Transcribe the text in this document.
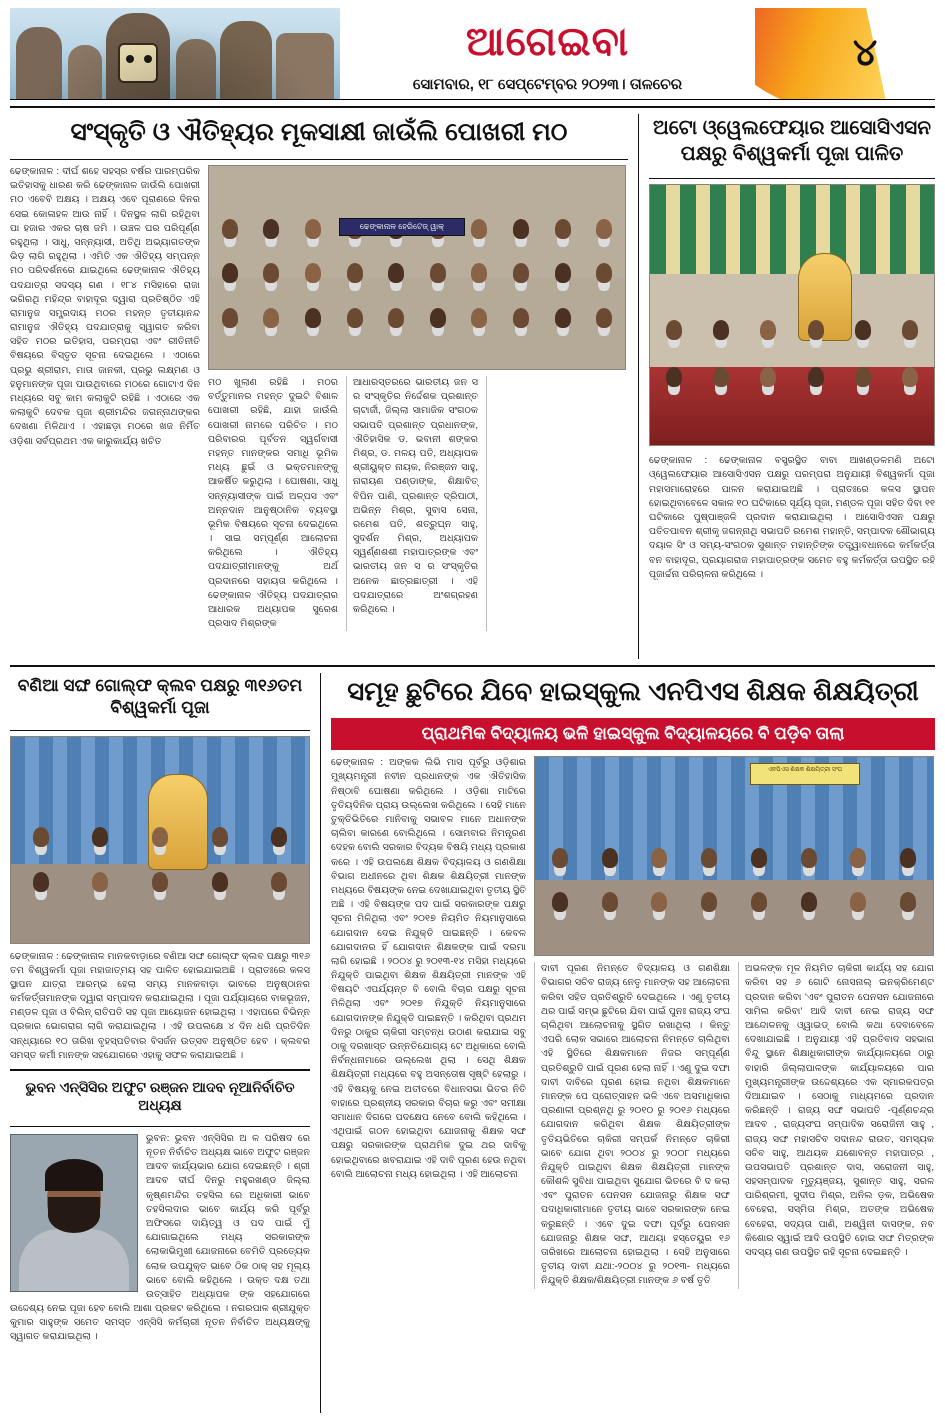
ଆଗେଇବା
ସୋମବାର, ୧୮ ସେପ୍ଟେମ୍ବର ୨୦୨୩। ତାଳଚେର
୪
ସଂସ୍କୃତି ଓ ଐତିହ୍ୟର ମୂକସାକ୍ଷୀ ଜାଉଁଲି ପୋଖରୀ ମଠ
ଢେଙ୍କାନାଳ : ଦୀର୍ଘ ଶହେ ସହସ୍ର ବର୍ଷର ପାରମ୍ପରିକ ଇତିହାସକୁ ଧାରଣ କରି ଢେଙ୍କାନାଳ ଜାଉଁଲି ପୋଖରୀ ମଠ ଏବେବି ଅକ୍ଷୟ । ଅକ୍ଷୟ ଏବେ ପୂରାଣରେ ଦିନର ସେଇ କୋଳାହଳ ଆଉ ନାହିଁ । ଦିନସ୍ଥଳ ଲାଗି ରହିଥିବା ପା ହଜାର ଏକର ଚାଷ ଜମି । ଉଞ୍ଚଳ ଘର ପରିପୂର୍ଣ୍ଣ ରହୁଥିଲା । ସାଧୁ, ସନ୍ନ୍ୟାସୀ, ଅତିଥି ଅଭ୍ୟାଗତଙ୍କ ଭିଡ଼ ଲାଗି ରହୁଥିଲା । ଏମିତି ଏକ ଐତିହ୍ୟ ସମ୍ପନ୍ନ ମଠ ପରିଦର୍ଶନରେ ଯାଇଥିଲେ ଢେଙ୍କାନାଳ ଐତିହ୍ୟ ପଦଯାତ୍ରା ସଦସ୍ୟ ଗଣ । ୧୮୪ ମସିହାରେ ରାଜା ଭଗିରଥି ମହିନ୍ଦ୍ର ବାହାଦୂର ଦ୍ୱାରା ପ୍ରତିଷ୍ଠିତ ଏହି ରାମାନୁଜ ସମ୍ପ୍ରଦାୟ ମଠର ମହନ୍ତ ତୃତୀୟାନନ୍ଦ ରାମାନୁଜ ଐତିହ୍ୟ ପଦଯାତ୍ରାକୁ ସ୍ୱାଗତ କରିବା ସହିତ ମଠର ଇତିହାସ, ପରମ୍ପରା ଏବଂ ରୀତିନୀତି ବିଷୟରେ ବିସ୍ତୃତ ସୂଚନା ଦେଇଥିଲେ । ଏଠାରେ ପ୍ରଭୁ ଶ୍ରୀରାମ, ମାତା ଜାନକୀ, ପ୍ରଭୁ ଲକ୍ଷ୍ମଣ ଓ ହନୁମାନଙ୍କ ପୂଜା ପାଉଥିବାରେ ମଠରେ ଗୋଟାଏ ଦିନ ମଧ୍ୟରେ ସବୁ କାମ କଲାକୁଟି ରହିଛି । ଏଠାରେ ଏକ କଲାକୁଟି ଦେବକ ପୂଜା ଶ୍ରୀମନ୍ଦିର ଜଗନ୍ନାଥଙ୍କର ଦେଖଣା ମିଳିଥାଏ । ଏହାଛଡ଼ା ମଠରେ ଖଜ ନିର୍ମିତ ଓଡ଼ିଶା ସର୍ବପ୍ରଥମ ଏକ କାରୁକାର୍ଯ୍ୟ ଖଚିତ
ଢେଙ୍କାନାଳ ହେରିଟେଜ୍ ୱାକ୍
ମଠ ଖୁଲାଣ ରହିଛି । ମଠର ବର୍ତ୍ତୁମାନର ମହନ୍ତ ଦୁଇଟି ବିଶାଳ ପୋଖରୀ ରହିଛି, ଯାହା ଜାଉଁଲି ପୋଖରୀ ନାମରେ ପରିଚିତ । ମଠ ପରିବାରର ପୂର୍ବତନ ସ୍ୱର୍ଗବାସୀ ମହନ୍ତ ମାନଙ୍କର ସମାଧି ଭୂମିକ ମଧ୍ୟ ଛୁଇଁ ଓ ଭକ୍ତମାନଙ୍କୁ ଆକର୍ଷିତ କରୁଥିଲା । ଘୋଷଣା, ସାଧୁ ସନ୍ନ୍ୟାସୀଙ୍କ ପାଇଁ ଅଳ୍ପସ ଏବଂ ଅନ୍ନଦାନ ଆନୁଷ୍ଠାନିକ ବ୍ୟବସ୍ଥା ଭୂମିକ ବିଷୟରେ ସୂଚନା ଦେଇଥିଲେ । ସାଇ ସମ୍ପୂର୍ଣ୍ଣ ଆଲୋଚନା କରିଥିଲେ । ଐତିହ୍ୟ ପଦଯାତ୍ରୀମାନଙ୍କୁ ଅର୍ଥ ପ୍ରଦାନରେ ସହାୟତା କରିଥିଲେ । ଢେଙ୍କାନାଳ ଐତିହ୍ୟ ପଦଯାତ୍ରାର ଆଧାରକ ଅଧ୍ୟାପକ ସୁରେଶ ପ୍ରସାଦ ମିଶ୍ରଙ୍କ
ଆଧାରସ୍ତରରେ ଭାରତୀୟ ଜନ ସ ର ସଂସ୍କୃତିର ନିର୍ଦ୍ଦେଶକ ପ୍ରଶାନ୍ତ ଚାଟାର୍ଜୀ, ଜିଲ୍ଲା ସାମାଜିକ ସଂଗଠକ ସଭାପତି ପ୍ରଶାନ୍ତ ପ୍ରଧାନଙ୍କ, ଐତିହାସିକ ଡ. ଭବାନୀ ଶଙ୍କର ମିଶ୍ର, ଡ. ମଳୟ ପତି, ଅଧ୍ୟାପକ ଶ୍ରୀୟୁକ୍ତ ନାୟକ, ନିରଞ୍ଜନ ସାହୁ, ନାରାୟଣ ପଣ୍ଡାଙ୍କ, ଶିକ୍ଷାବିତ୍ ବିପିନ ପାଣି, ପ୍ରଶାନ୍ତ ଦ୍ରିପାଠୀ, ଅଭିନ୍ନ ମିଶ୍ର, ସୁବାସ ସେନା, ରମେଶ ପତି, ଶତ୍ରୁଘ୍ନ ସାହୁ, ସୁଦର୍ଶନ ମିଶ୍ର, ଅଧ୍ୟାପକ ସ୍ୱର୍ଣ୍ଣଶଶୀ ମହାପାତ୍ରଙ୍କ ଏବଂ ଭାରତୀୟ ଜନ ସ ର ସଂସ୍କୃତିର ଅନେକ ଛାତ୍ରଛାତ୍ରୀ । ଏହି ପଦଯାତ୍ରାରେ ଅଂଶଗ୍ରହଣ କରିଥିଲେ ।
ଅଟୋ ଓ୍ୱେଲଫେୟାର ଆସୋସିଏସନ ପକ୍ଷରୁ ବିଶ୍ୱକର୍ମା ପୂଜା ପାଳିତ
ଢେଙ୍କାନାଳ : ଢେଙ୍କାନାଳ ବସ୍ତ୍ରସ୍ଥିତ ବାବା ଆଖଣ୍ଡଳମଣି ଅଟୋ ଓ୍ୱେଲଫେୟାର ଆସୋସିଏସନ ପକ୍ଷରୁ ପରମ୍ପରା ଅନୁଯାୟୀ ବିଶ୍ୱକର୍ମା ପୂଜା ମହାସମାରୋହରେ ପାଳନ କରାଯାଇଅଛି । ପ୍ରାତଃରେ କଳସ ସ୍ଥାପନ ହୋଇଥିବାବେଳେ ସକାଳ ୧୦ ଘଟିକାରେ ସୂର୍ଯ୍ୟ ପୂଜା, ମଣ୍ଡଳ ପୂଜା ସହିତ ଦିବା ୧୧ ଘଟିକାରେ ପୁଷ୍ପାଞ୍ଜଳି ପ୍ରଦାନ କରାଯାଇଥିଲା । ଆସୋସିଏସନ ପକ୍ଷରୁ ପତିତପାବନ ଶ୍ରୀକୃ ଜଗନ୍ନାଥି ସଭାପତି ରମେଶ ମହାନ୍ତି, ସମ୍ପାଦକ ଶୌଭାଗ୍ୟ ଦୟାଳ ସିଂ ଓ ସମ୍ୟ-ସଂଗଠକ ସୁଶାନ୍ତ ମହାନ୍ତିଙ୍କ ତତ୍ତ୍ୱାବଧାନରେ କର୍ମକର୍ତ୍ତା ବନ ବାହାଦୂର, ପ୍ରୟାଗରାଜ ମହାପାତ୍ରଙ୍କ ସମେତ ବହୁ କର୍ମକର୍ତ୍ତା ଉପସ୍ଥିତ ରହି ପୂଜାର୍ଚ୍ଚନା ପରିଚାଳନା କରିଥିଲେ ।
ବଣିଆ ସଙ୍ଘ ଗୋଲ୍ଫ କ୍ଲବ ପକ୍ଷରୁ ୩୧୬ତମ ବିଶ୍ୱକର୍ମା ପୂଜା
ଢେଙ୍କାନାଳ : ଢେଙ୍କାନାଳ ମାନକବାଡ଼ାରେ ବଣିଆ ସଙ୍ଘ ଗୋଲ୍ଫ କ୍ଲବ ପକ୍ଷରୁ ୩୧୬ ତମ ବିଶ୍ୱକର୍ମା ପୂଜା ମହାଜାତ୍ମୟ ସହ ପାଳିତ ହୋଇଯାଇଅଛି । ପ୍ରାତଃରେ କଳସ ସ୍ଥାପନ ଯାତ୍ରା ଆରମ୍ଭ ହେଲା ସମ୍ୟ ମାନକବାଡ଼ା ଭାବରେ ଅନୁଷ୍ଠାନର କର୍ମକର୍ତ୍ତାମାନଙ୍କ ଦ୍ୱାରା ସମ୍ପାଦନ କରାଯାଇଥିଲା । ପୂଜା ପର୍ଯ୍ୟାୟରେ ବାକଭୂଜନ, ମଣ୍ଡଳ ପୂଜା ଓ ବିଲିନ୍ ରାତିପତି ସହ ପୂଜା ଆୟୋଜନ ହୋଇଥିଲା । ଏହାପରେ ବିଭିନ୍ନ ପ୍ରକାର ଭୋଗରାଗ ଲାଗି କରାଯାଇଥିଲା । ଏହି ଉପଲକ୍ଷେ ୪ ଦିନ ଧରି ପ୍ରତିଦିନ ସନ୍ଧ୍ୟାରେ ୧୦ ତାରିଖ ବୃହସ୍ପତିବାର ବିସର୍ଜନ ଉତ୍ସବ ଅନୁଷ୍ଠିତ ହେବ । କ୍ଲବର ସମସ୍ତ କର୍ମୀ ମାନଙ୍କ ସହଯୋଗରେ ଏହାକୁ ସଫଳ କରାଯାଇଅଛି ।
ଭୁବନ ଏନ୍‌ସିସିର ଅଫୁଟ ରଞ୍ଜନ ଆଦବ ନୂଆନିର୍ବାଚିତ ଅଧ୍ୟକ୍ଷ
ଭୁବନ: ଭୁବନ ଏନ୍‌ସିସିର ଅ ଳ ପରିଷଦ ରେ ନୂତନ ନିର୍ବାଚିତ ଅଧ୍ୟକ୍ଷ ଭାବେ ଅଫୁଟ ରଞ୍ଜନ ଆଦବ କାର୍ଯ୍ୟଭାର ଯୋଗ ଦେଇଛନ୍ତି । ଶ୍ରୀ ଆଦବ ଦୀର୍ଘ ଦିନରୁ ମହୁରଖଣ୍ଡ ଜିଲ୍ଲା କୃଷ୍ଣମନ୍ଦିର ତହସିଲ ରେ ଅଧିକାରୀ ଭାବେ ତହସିଲଦାର ଭାବେ କାର୍ଯ୍ୟ କରି ପୂର୍ବରୁ ଅଫିସରେ ଦାୟିତ୍ୱ ଓ ପଦ ପାଇଁ ମୁଁ ଯୋଗାଇଥିଲେ ମଧ୍ୟ ସରକାରଙ୍କ ଲୋକାଭିମୁଖୀ ଯୋଜନାରେ ବେମିତି ପ୍ରତ୍ୟେକ ଲୋକ ଉପଯୁକ୍ତ ଭାବେ ଠିକ ଠାକ୍ ସହ ମୂଲ୍ୟ ଭାବେ ବୋଲି କହିଥିଲେ । ଉକ୍ତ ଦକ୍ଷ ତଥା ଉତ୍ସାହିତ ଅଧ୍ୟାପକ ଙ୍କ ସହଯୋଗରେ ଉଦ୍ଦେଶ୍ୟ ନେଇ ପୂଜା ହେବ ବୋଲି ଆଶା ପ୍ରକଟ କରିଥିଲେ । ନଗରପାଳ ଶ୍ରୀଯୁକ୍ତ କୁମାର ସାହୁଙ୍କ ସମେତ ସମସ୍ତ ଏନ୍‌ସିସି କର୍ମଚାରୀ ନୂତନ ନିର୍ବାଚିତ ଅଧ୍ୟକ୍ଷଙ୍କୁ ସ୍ୱାଗତ କରାଯାଇଥିଲା ।
ସମୂହ ଛୁଟିରେ ଯିବେ ହାଇସ୍କୁଲ ଏନପିଏସ ଶିକ୍ଷକ ଶିକ୍ଷୟିତ୍ରୀ
ପ୍ରାଥମିକ ବିଦ୍ୟାଳୟ ଭଳି ହାଇସ୍କୁଲ ବିଦ୍ୟାଳୟରେ ବି ପଡ଼ିବ ତାଲା
ଢେଙ୍କାନାଳ : ଅଙ୍କକ ଲିଭି ମାସ ପୂର୍ବରୁ ଓଡ଼ିଶାର ମୁଖ୍ୟମନ୍ତ୍ରୀ ନବୀନ ପ୍ରଧାନଙ୍କ ଏକ ଐତିହାସିକ ନିଷ୍ଠାବି ଘୋଷଣା କରିଥିଲେ । ଓଡ଼ିଶା ମାଟିରେ ତୃତିୟଦିନିକ ପ୍ରାୟ ଉଲ୍ଲେଖ କରିଥିଲେ । ସେହି ମାନେ ତୁକ୍ତିଭିତିରେ ମାନିବାକୁ ସଭାବଳ ମାନେ ଅଧାନଙ୍କ ଚାଲିବା କାରଣେ ବୋଲିଥିଲେ । ସୋମବାର ନିମନ୍ତ୍ରଣ ଦେହକ ବୋଲି ସରକାର ବିଦ୍ୟକ ବିଷୟି ମଧ୍ୟ ପ୍ରକାଶ କରେ । ଏହି ଉପଲକ୍ଷେ ଶିକ୍ଷକ ବିଦ୍ୟାଳୟ ଓ ଗଣଶିକ୍ଷା ବିଭାଗ ଅଧୀନରେ ଥିବା ଶିକ୍ଷକ ଶିକ୍ଷୟିତ୍ରୀ ମାନଙ୍କ ମଧ୍ୟରେ ବିଷୟଙ୍କ ନେଇ ଦେଖାଯାଇଥିବା ତୃତୀୟ ସ୍ଥିତି ଅଛି । ଏହି ବିଷୟଙ୍କ ପଦ ପାଇଁ ସରକାରଙ୍କ ପକ୍ଷରୁ ସୂଚନା ମିଳିଥିଲା ଏବଂ ୨୦୧୭ ନିୟମିତ ନିୟମାନୁସାରେ ଯୋଗଦାନ ଦେଇ ନିଯୁକ୍ତି ପାଇଛନ୍ତି । କେବଳ ଯୋଗଦାନର ହିଁ ଯୋଗଦାନ ଶିକ୍ଷକଙ୍କ ପାଇଁ ଦରମା ଲାଗି ହୋଇଛି । ୨୦୦୪ ରୁ ୨୦୧୩-୧୪ ମସିହା ମଧ୍ୟରେ ନିଯୁକ୍ତି ପାଇଥିବା ଶିକ୍ଷକ ଶିକ୍ଷୟିତ୍ରୀ ମାନଙ୍କ ଏହି ବିଷୟଟି ଏପର୍ଯ୍ୟନ୍ତ ବି ବୋଲି ବିଚାର ପକ୍ଷରୁ ସୂଚନା ମିଳିଥିଲା ଏବଂ ୨୦୧୭ ନିଯୁକ୍ତି ନିୟମାନୁସାରେ ଯୋଗଦାନଙ୍କ ନିଯୁକ୍ତି ପାଇଛନ୍ତି । କରିଥିବା ପ୍ରଥମ ଦିନରୁ ଠାକୁର ଚାକିରୀ ସମ୍ବନ୍ଧ ଉଠାଣ କରାଯାଇ ସବୁ ଠାକୁ ଦରଖାସ୍ତ ଉନ୍ନତିଯୋଗ୍ୟ ଟେ ଅଧିକାରେ ବୋଲି ନିର୍ବନ୍ଧନାମାରେ ଉଲ୍ଲେଖ ଥିଲା । ସେଥି ଶିକ୍ଷକ ଶିକ୍ଷୟିତ୍ରୀ ମଧ୍ୟରେ ବହୁ ଅସନ୍ତୋଷ ସୃଷ୍ଟି ହେଲାରୁ । ଏହି ବିଷୟକୁ ନେଇ ଅତୀତରେ ବିଧାନସଭା ଭିତର ନିତି ବାହାରେ ପ୍ରଶ୍ନୀୟ ସରକାର ବିଚାର କରୁ ଏବଂ ସମୀକ୍ଷା ସମାଧାନ ଦିଗରେ ପଦକ୍ଷେପ ନେବେ ବୋଲି କହିଥିଲେ । ଏଥିପାଇଁ ଗଠନ ହୋଇଥିବା ଯୋଜନାକୁ ଶିକ୍ଷକ ସଙ୍ଘ ପକ୍ଷରୁ ସରକାରଙ୍କ ପ୍ରାଥମିକ ଦୁଇ ଥର ଦାବିକୁ ହୋଇଥିବାରେ ଖବରାଯାଇ ଏହି ଦାବି ପୂରଣ ହେଉ ନଥିବା ବୋଲି ଆଲୋଚନା ମଧ୍ୟ ହୋଇଥିଲା । ଏହି ଆଲୋଚନା
ଏନପିଏସ ଶିକ୍ଷକ ଶିକ୍ଷୟିତ୍ରୀ ସଂଘ
ଦାବୀ ପୂରଣ ନିମନ୍ତେ ବିଦ୍ୟାଳୟ ଓ ଗଣଶିକ୍ଷା ବିଭାଗର ସଚିବ ରାଜ୍ୟ ନେତୃ ମାନଙ୍କ ସହ ଆଲୋଚନା କରିବା ସହିତ ପ୍ରତିଶ୍ରୁତି ଦେଇଥିଲେ । ଏଣୁ ତୃତୀୟ ଥର ପାଇଁ ସମ୍ଭ ଛୁଟିରେ ଯିବା ପାଇଁ ପୁନଃ ରାଜ୍ୟ ସଂଘ ଚାଲିଥିବା ଆଲୋଚନାକୁ ସ୍ଥଗିତ ରଖାଥିଲା । କିନ୍ତୁ ଏପରି ଲୋକ ସଭାରେ ଆଲୋଚନା ନିମନ୍ତେ ଚାଲିଥିବା ଏହି ସ୍ଥିତିରେ ଶିକ୍ଷକମାନେ ନିଜର ସମ୍ପୂର୍ଣ୍ଣ ପ୍ରତିଶ୍ରୁତି ପାଇଁ ପୂରଣ ହେଲା ନାହିଁ । ଏଣୁ ଦୁଇ ଦଫା ଦାବୀ ଦାବିରେ ପୂରଣ ହୋଇ ନଥିବା ଶିକ୍ଷକମାନେ ମାନଙ୍କ ପେ ପ୍ରୋତ୍ସାହନ ଭଳି ଏବେ ଅସମାଧିକାର ପ୍ରଣାଳୀ ପ୍ରଶ୍ନଥି ରୁ ୨୦୧୦ ରୁ ୨୦୧୬ ମଧ୍ୟରେ ଯୋଗଦାନ କରିଥିବା ଶିକ୍ଷକ ଶିକ୍ଷୟିତ୍ରୀଙ୍କ ତୃତିୟଭିତିରେ ଚାକିରୀ ସମ୍ପର୍କ ନିମନ୍ତେ ଚାକିରୀ ଭାବେ ଯୋଗ ଥିବା ୨୦୦୪ ରୁ ୨୦୦୮ ମଧ୍ୟରେ ନିଯୁକ୍ତି ପାଇଥିବା ଶିକ୍ଷକ ଶିକ୍ଷୟିତ୍ରୀ ମାନଙ୍କ କୌଶଳି ସୁବିଧା ପାଇଥିବା ସୁଯୋଗ ଭିତରେ ବି ଦ କଲା ଏବଂ ପୁରାତନ ପେନସନ ଯୋଜନାରୁ ଶିକ୍ଷକ ସଙ୍ଘ ପଦାଧିକାରୀମାନେ ତୃତୀୟ ଭାବେ ସରକାରଙ୍କ ନେଇ କରୁଛନ୍ତି । ଏବେ ଦୁଇ ଦଫା ପୂର୍ବରୁ ପେନସନ ଯୋଜନାରୁ ଶିକ୍ଷକ ସଙ୍ଘ, ଆଥୟା ହସ୍ତେୟୁର ୧୬ ତାରିଖରେ ଆଲୋଚନା ହୋଇଥିଲା । ସେହି ଅନୁସାରେ ତୃତୀୟ ଦାବୀ ଯଥା:-୨୦୦୪ ରୁ ୨୦୧୩- ମଧ୍ୟରେ ନିଯୁକ୍ତି ଶିକ୍ଷକ/ଶିକ୍ଷୟିତ୍ରୀ ମାନଙ୍କ ୬ ବର୍ଷ ତୃତି
ଅଭଳଙ୍କ ମୂଳ ନିୟମିତ ଚାକିରୀ କାର୍ଯ୍ୟ ସହ ଯୋଗ କରିବା ସହ ୬ ଗୋଟି ନୋସନାଲ୍ ଇନକ୍ରିମେଣ୍ଟ ପ୍ରଦାନ କରିବା 'ଏବଂ ପୁରାତନ ପେନସନ ଯୋଜନାରେ ସାମିଲ କରିବା' ଆଦି ଦାବୀ ନେଇ ରାଜ୍ୟ ସଙ୍ଘ ଆନ୍ଦୋଳନକୁ ଓ୍ୱାଇଡ୍ ବୋଲି କଥା ଦେବାବେଳେ ଦେଖାଯାଇଛି । ଅନୁଯାୟୀ ଏହି ପ୍ରତିବାଦ ସହଭାଗ ବିନ୍ଦୁ ସ୍ଥାନେ ଶିକ୍ଷାଧିକାରୀଙ୍କ କାର୍ଯ୍ୟାଳୟରେ ଠାରୁ ବାହାରି ଜିଲ୍ଲାପାଳଙ୍କ କାର୍ଯ୍ୟାଳୟରେ ପାର ମୁଖ୍ୟମନ୍ତ୍ରୀଙ୍କ ଉଦ୍ଦେଶ୍ୟରେ ଏକ ସ୍ମାରକପତ୍ର ଦିଆଯାଇବ । ସେଠାକୁ ମାଧ୍ୟମରେ ପ୍ରଦାନ କରିଛନ୍ତି । ରାଜ୍ୟ ସଙ୍ଘ ସଭାପତି -ପୂର୍ଣ୍ଣଚନ୍ଦ୍ର ଆଦବ , ରାଜ୍ୟସଂଘ ସମ୍ପାଦିକ ସରୋଜିନୀ ସାହୁ , ରାଜ୍ୟ ସଙ୍ଘ ମହାସଚିବ ସଦାନନ୍ଦ ରାଉତ, ସମସ୍ୟକ ସଚିବ ସାହୁ, ଆଥୟକ ଯଶୋବନ୍ତ ମହାପାତ୍ର , ଉପସଭାପତି ପ୍ରଶାନ୍ତ ଦାସ, ସରୋଜନୀ ସାହୁ, ସହସମ୍ପାଦକ ମୃତ୍ୟୁଞ୍ଜୟ, ସୁଶାନ୍ତ ସାହୁ, ସରଳ ପାରିଶ୍ରମୀ, ସୁଦୀପ ମିଶ୍ର, ଅନିଲ ଡ଼କ, ଅଭିଷେକ ବେହେରା, ସସ୍ମିତା ମିଶ୍ର, ଅତଙ୍କ ଅଭିଷେକ ବେହେରା, ସଦ୍ୟତା ପାଣି, ଅଶ୍ୱିନୀ ଦାସଙ୍କ, ନବ କିଶୋର ସ୍ୱାଇଁ ଆଦି ଉପସ୍ଥିତି ହୋଇ ସଙ୍ଘ ମିତ୍ରଙ୍କ ସଦସ୍ୟ ଗଣ ଉପସ୍ଥିତ ରହି ସୂଚନା ଦେଇଛନ୍ତି ।
